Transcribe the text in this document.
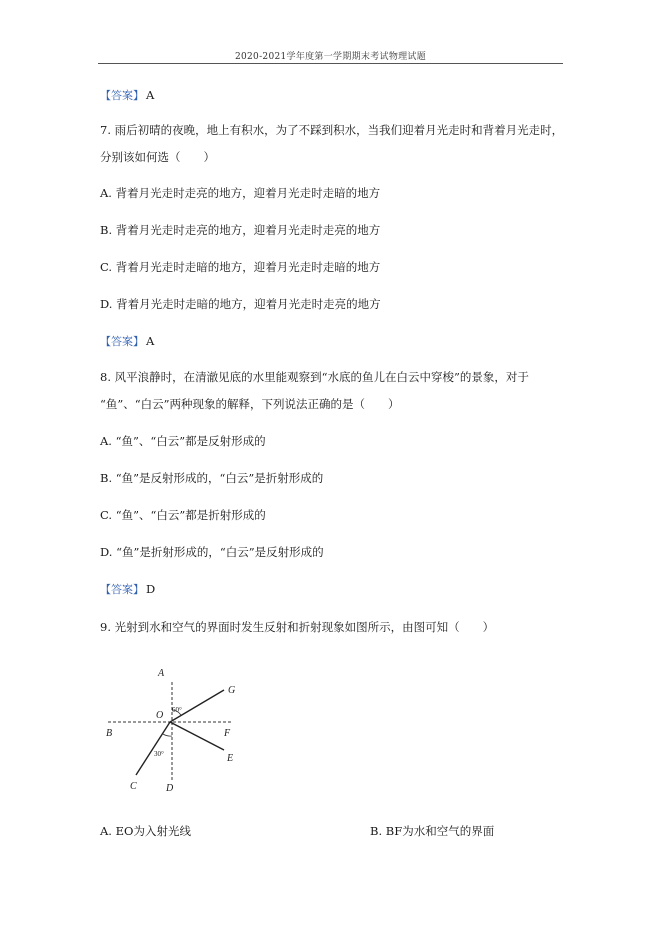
2020-2021学年度第一学期期末考试物理试题
【答案】 A
7. 雨后初晴的夜晚，地上有积水，为了不踩到积水，当我们迎着月光走时和背着月光走时，
分别该如何选（　　）
A. 背着月光走时走亮的地方，迎着月光走时走暗的地方
B. 背着月光走时走亮的地方，迎着月光走时走亮的地方
C. 背着月光走时走暗的地方，迎着月光走时走暗的地方
D. 背着月光走时走暗的地方，迎着月光走时走亮的地方
【答案】 A
8. 风平浪静时，在清澈见底的水里能观察到“水底的鱼儿在白云中穿梭”的景象，对于
“鱼”、“白云”两种现象的解释，下列说法正确的是（　　）
A. “鱼”、“白云”都是反射形成的
B. “鱼”是反射形成的，“白云”是折射形成的
C. “鱼”、“白云”都是折射形成的
D. “鱼”是折射形成的，“白云”是反射形成的
【答案】 D
9. 光射到水和空气的界面时发生反射和折射现象如图所示，由图可知（　　）
A
G
O
B	F
E
C	D
60°
30°
A. EO为入射光线	B. BF为水和空气的界面
